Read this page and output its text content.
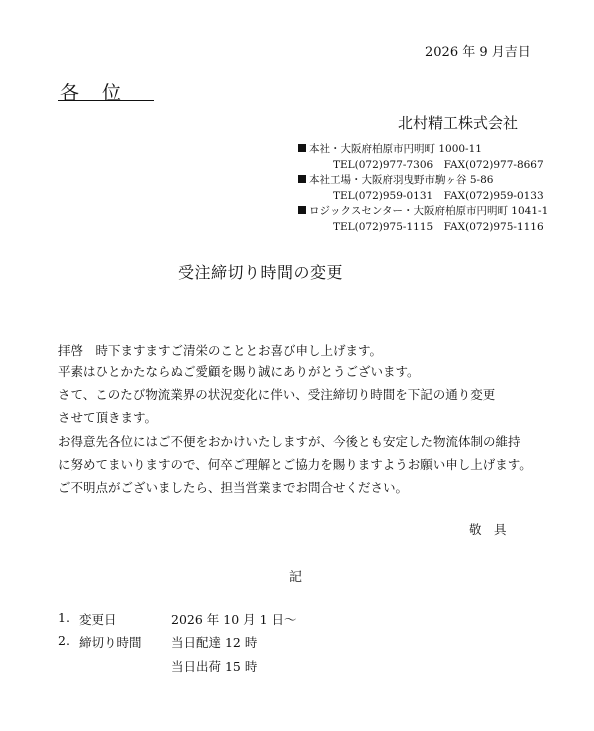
2026 年 9 月吉日
各　位
北村精工株式会社
本社・大阪府柏原市円明町 1000-11
TEL(072)977-7306　FAX(072)977-8667
本社工場・大阪府羽曳野市駒ヶ谷 5-86
TEL(072)959-0131　FAX(072)959-0133
ロジックスセンター・大阪府柏原市円明町 1041-1
TEL(072)975-1115　FAX(072)975-1116
受注締切り時間の変更
拝啓　時下ますますご清栄のこととお喜び申し上げます。
平素はひとかたならぬご愛顧を賜り誠にありがとうございます。
さて、このたび物流業界の状況変化に伴い、受注締切り時間を下記の通り変更
させて頂きます。
お得意先各位にはご不便をおかけいたしますが、今後とも安定した物流体制の維持
に努めてまいりますので、何卒ご理解とご協力を賜りますようお願い申し上げます。
ご不明点がございましたら、担当営業までお問合せください。
敬　具
記
1. 変更日	2026 年 10 月 1 日～
2. 締切り時間 当日配達 12 時
当日出荷 15 時
